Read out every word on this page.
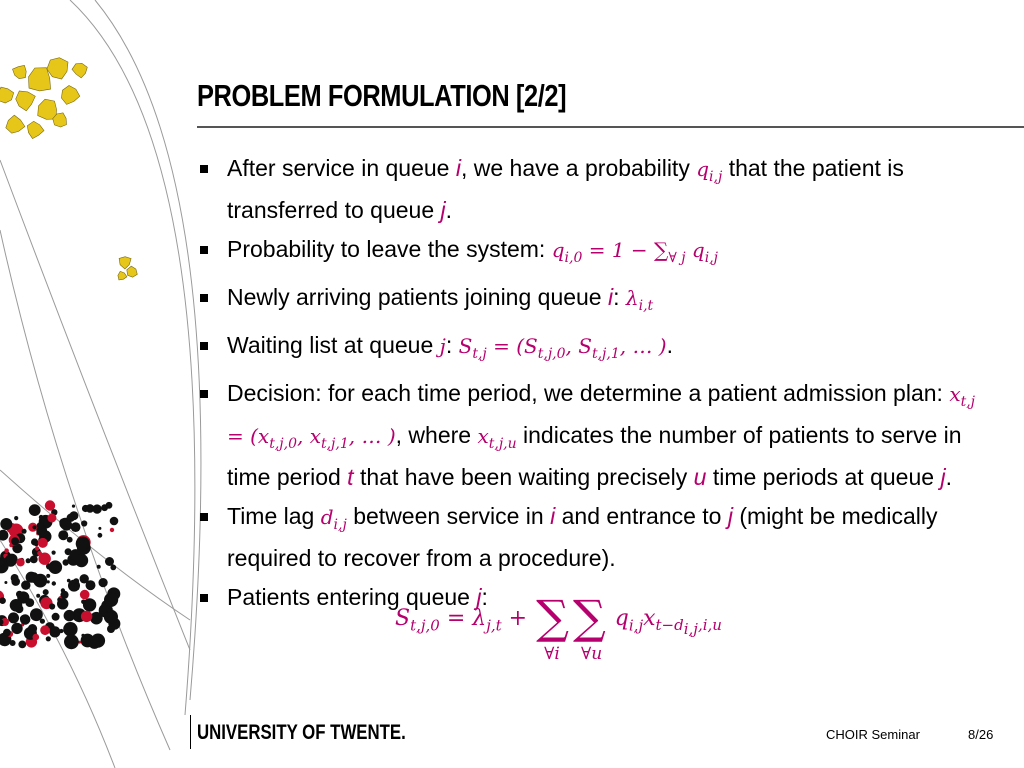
PROBLEM FORMULATION [2/2]
After service in queue i, we have a probability $q_{i,j}$ that the patient is transferred to queue j.
Probability to leave the system: $q_{i,0} = 1 - \sum_{\forall j}$ $q_{i,j}$
Newly arriving patients joining queue i: $\lambda_{i,t}$
Waiting list at queue j: $S_{t,j} = (S_{t,j,0}$, $S_{t,j,1}$, … ).
Decision: for each time period, we determine a patient admission plan: $x_{t,j} = (x_{t,j,0}$, $x_{t,j,1}$, … ), where $x_{t,j,u}$ indicates the number of patients to serve in time period t that have been waiting precisely u time periods at queue j.
Time lag $d_{i,j}$ between service in i and entrance to j (might be medically required to recover from a procedure).
Patients entering queue j:
$S_{t,j,0} = \lambda_{j,t}$ + ∑
∀i
∑
∀u
$q_{i,j}x_{t-d_{i,j},i,u}$
UNIVERSITY OF TWENTE.	CHOIR Seminar	8/26
